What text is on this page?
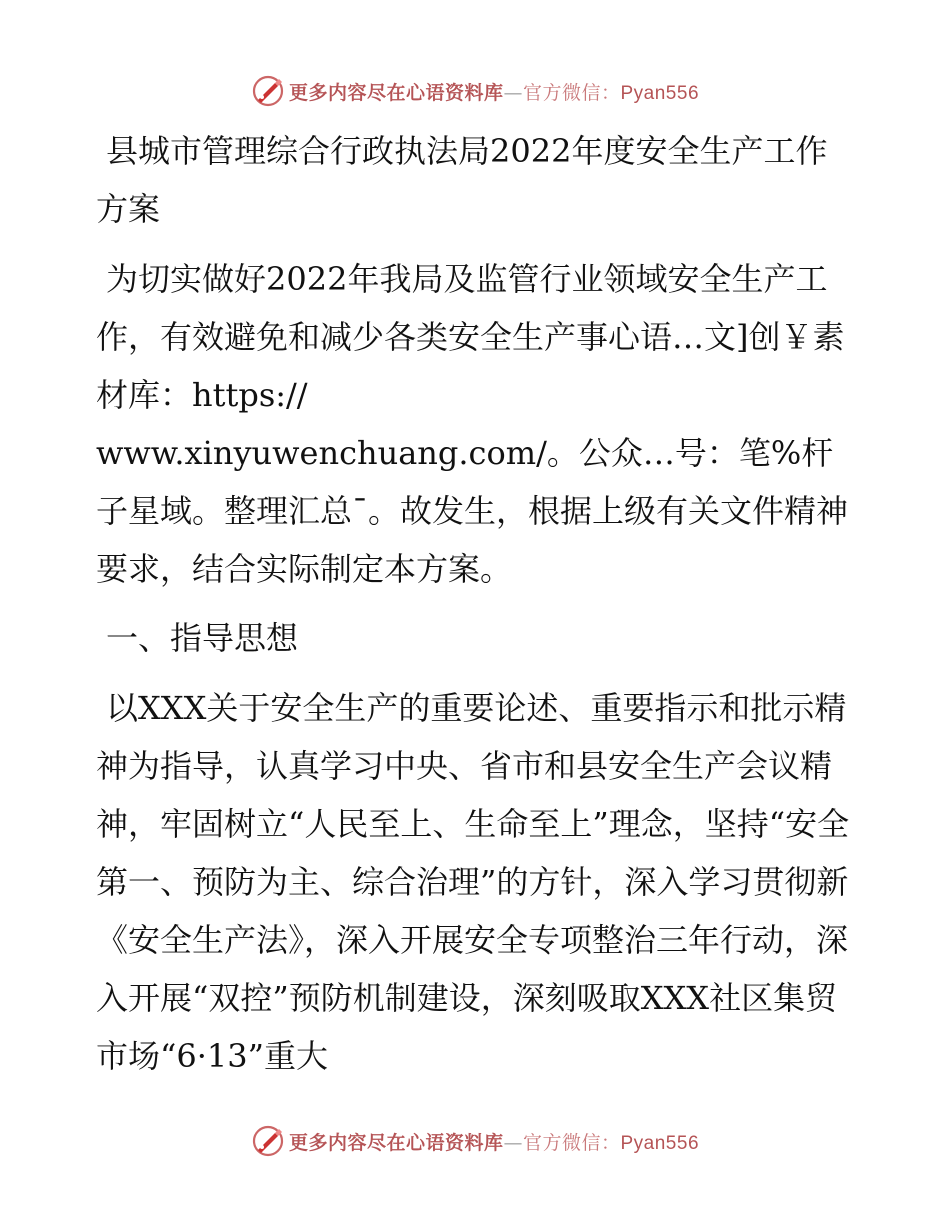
更多内容尽在心语资料库—官方微信：Pyan556

县城市管理综合行政执法局2022年度安全生产工作方案

为切实做好2022年我局及监管行业领域安全生产工作，有效避免和减少各类安全生产事心语…文]创￥素材库：https://

www.xinyuwenchuang.com/。公众…号：笔%杆子星域。整理汇总¯。故发生，根据上级有关文件精神要求，结合实际制定本方案。

一、指导思想

以XXX关于安全生产的重要论述、重要指示和批示精神为指导，认真学习中央、省市和县安全生产会议精神，牢固树立“人民至上、生命至上”理念，坚持“安全第一、预防为主、综合治理”的方针，深入学习贯彻新《安全生产法》，深入开展安全专项整治三年行动，深入开展“双控”预防机制建设，深刻吸取XXX社区集贸市场“6·13”重大

更多内容尽在心语资料库—官方微信：Pyan556
